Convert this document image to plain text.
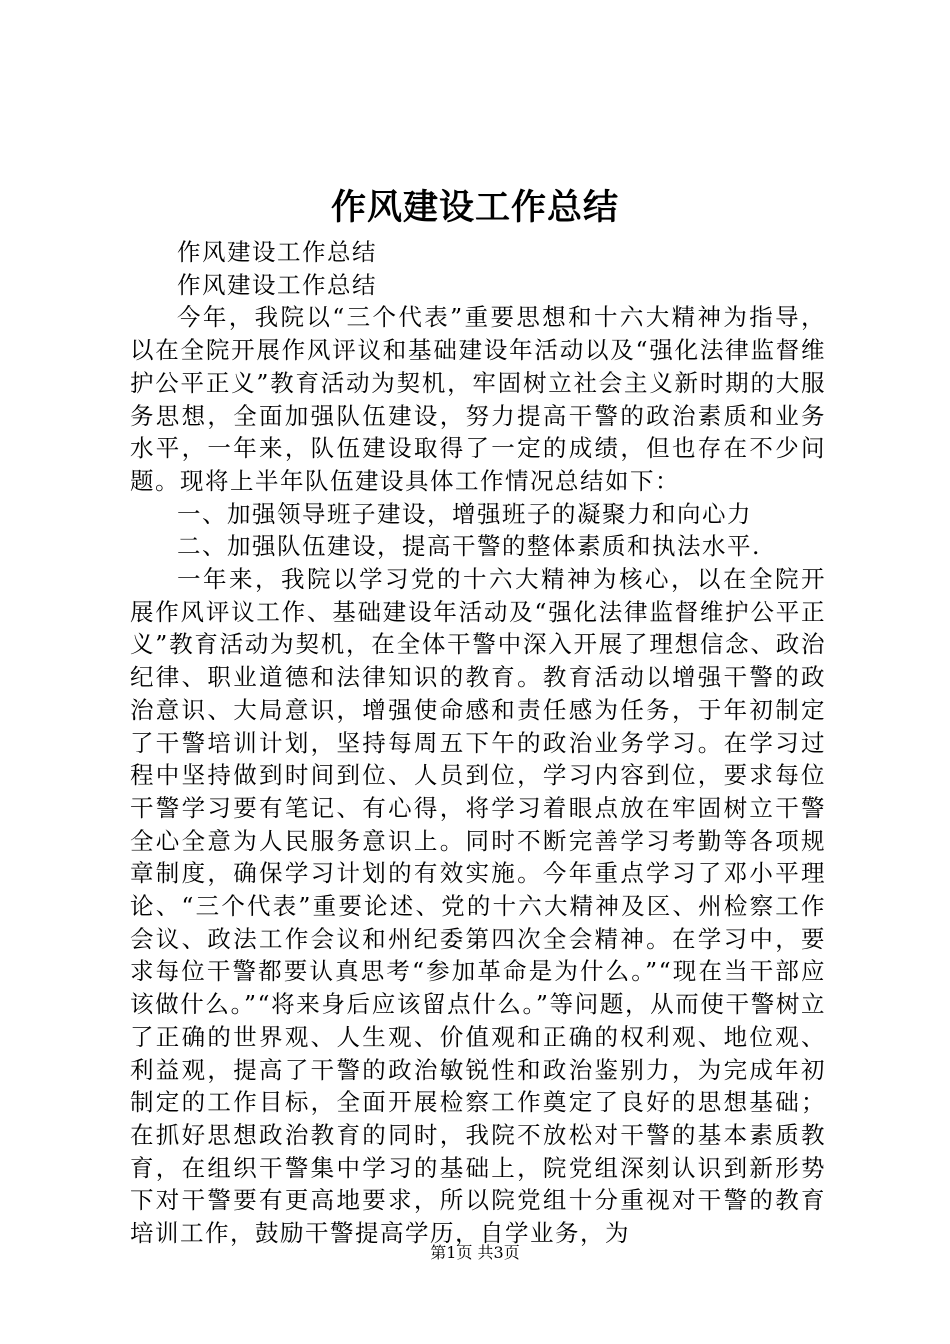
作风建设工作总结

作风建设工作总结

作风建设工作总结

今年，我院以“三个代表”重要思想和十六大精神为指导，以在全院开展作风评议和基础建设年活动以及“强化法律监督维护公平正义”教育活动为契机，牢固树立社会主义新时期的大服务思想，全面加强队伍建设，努力提高干警的政治素质和业务水平，一年来，队伍建设取得了一定的成绩，但也存在不少问题。现将上半年队伍建设具体工作情况总结如下：

一、加强领导班子建设，增强班子的凝聚力和向心力

二、加强队伍建设，提高干警的整体素质和执法水平.

一年来，我院以学习党的十六大精神为核心，以在全院开展作风评议工作、基础建设年活动及“强化法律监督维护公平正义”教育活动为契机，在全体干警中深入开展了理想信念、政治纪律、职业道德和法律知识的教育。教育活动以增强干警的政治意识、大局意识，增强使命感和责任感为任务，于年初制定了干警培训计划，坚持每周五下午的政治业务学习。在学习过程中坚持做到时间到位、人员到位，学习内容到位，要求每位干警学习要有笔记、有心得，将学习着眼点放在牢固树立干警全心全意为人民服务意识上。同时不断完善学习考勤等各项规章制度，确保学习计划的有效实施。今年重点学习了邓小平理论、“三个代表”重要论述、党的十六大精神及区、州检察工作会议、政法工作会议和州纪委第四次全会精神。在学习中，要求每位干警都要认真思考“参加革命是为什么。”“现在当干部应该做什么。”“将来身后应该留点什么。”等问题，从而使干警树立了正确的世界观、人生观、价值观和正确的权利观、地位观、利益观，提高了干警的政治敏锐性和政治鉴别力，为完成年初制定的工作目标，全面开展检察工作奠定了良好的思想基础；在抓好思想政治教育的同时，我院不放松对干警的基本素质教育，在组织干警集中学习的基础上，院党组深刻认识到新形势下对干警要有更高地要求，所以院党组十分重视对干警的教育培训工作，鼓励干警提高学历，自学业务，为

第1页 共3页
